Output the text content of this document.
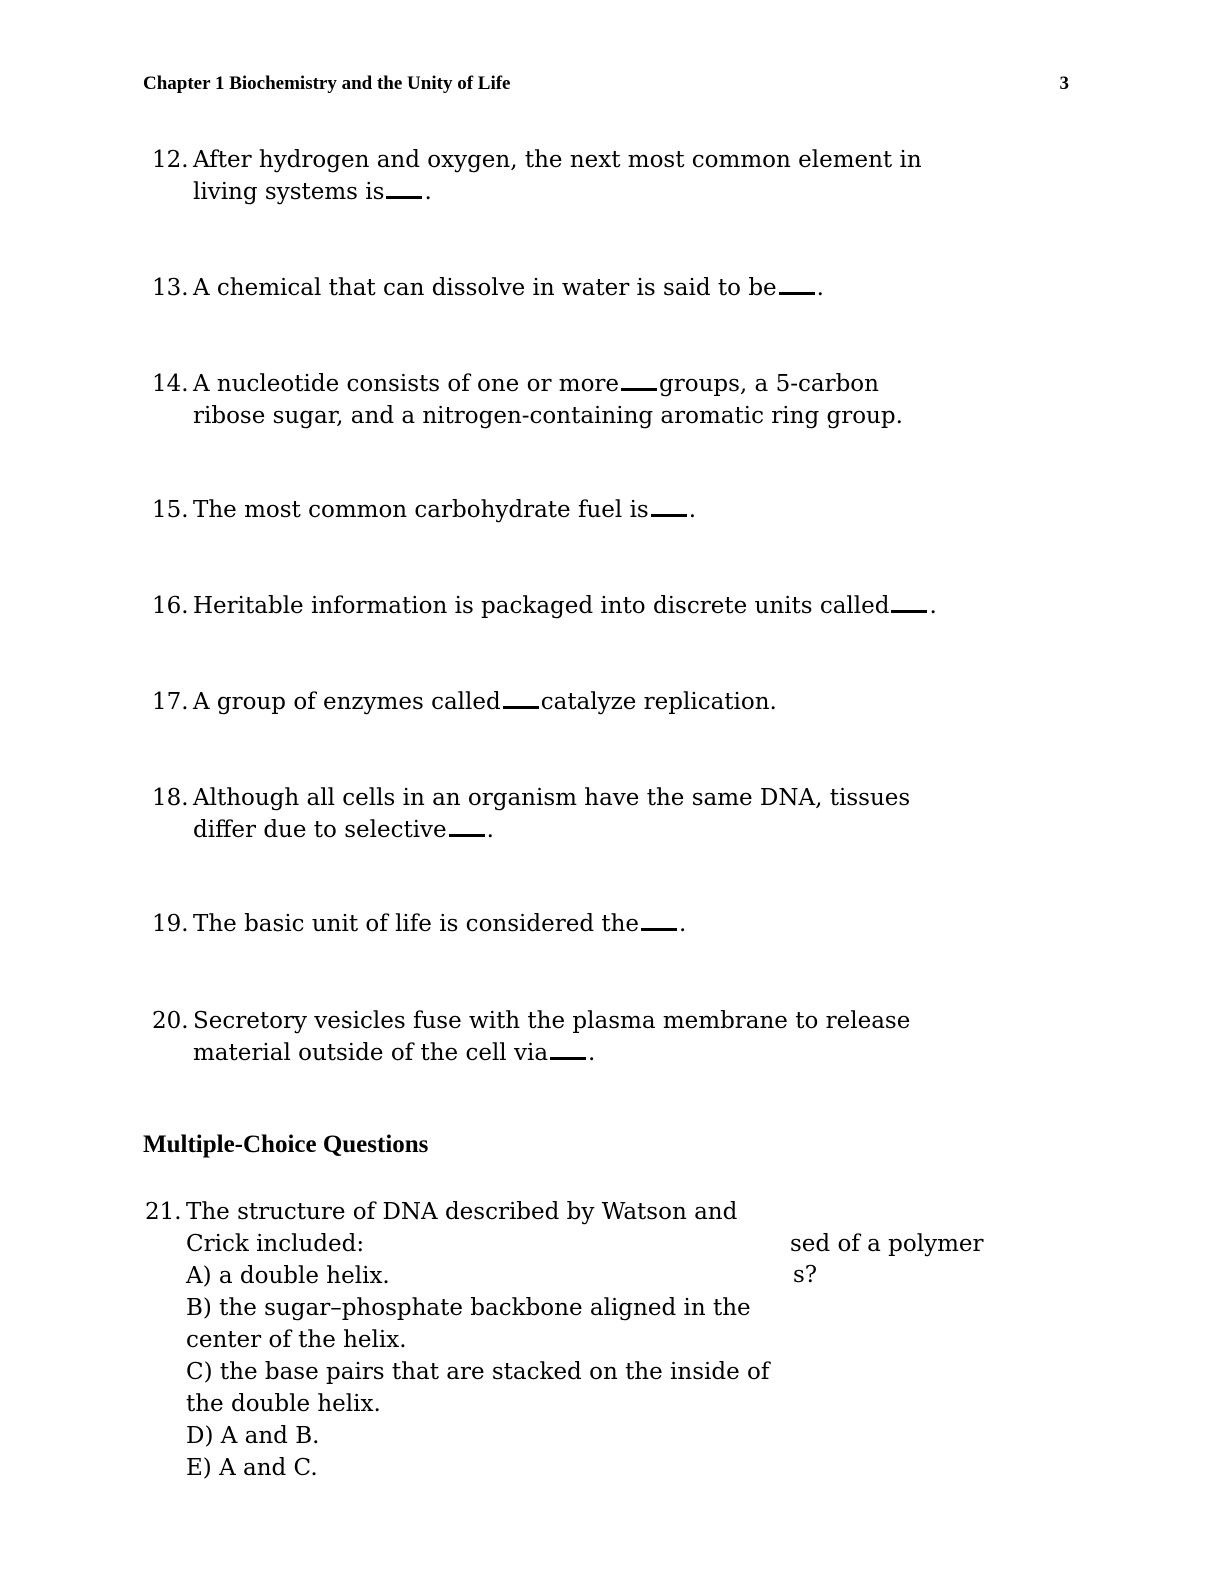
Chapter 1 Biochemistry and the Unity of Life	3
12. After hydrogen and oxygen, the next most common element in living systems is .
13. A chemical that can dissolve in water is said to be .
14. A nucleotide consists of one or more groups, a 5-carbon ribose sugar, and a nitrogen-containing aromatic ring group.
15. The most common carbohydrate fuel is .
16. Heritable information is packaged into discrete units called .
17. A group of enzymes called catalyze replication.
18. Although all cells in an organism have the same DNA, tissues differ due to selective .
19. The basic unit of life is considered the .
20. Secretory vesicles fuse with the plasma membrane to release material outside of the cell via .
Multiple-Choice Questions
21. The structure of DNA described by Watson and Crick included:
A) a double helix.
B) the sugar–phosphate backbone aligned in the center of the helix.
C) the base pairs that are stacked on the inside of the double helix.
D) A and B.
E) A and C.
sed of a polymer
s?
